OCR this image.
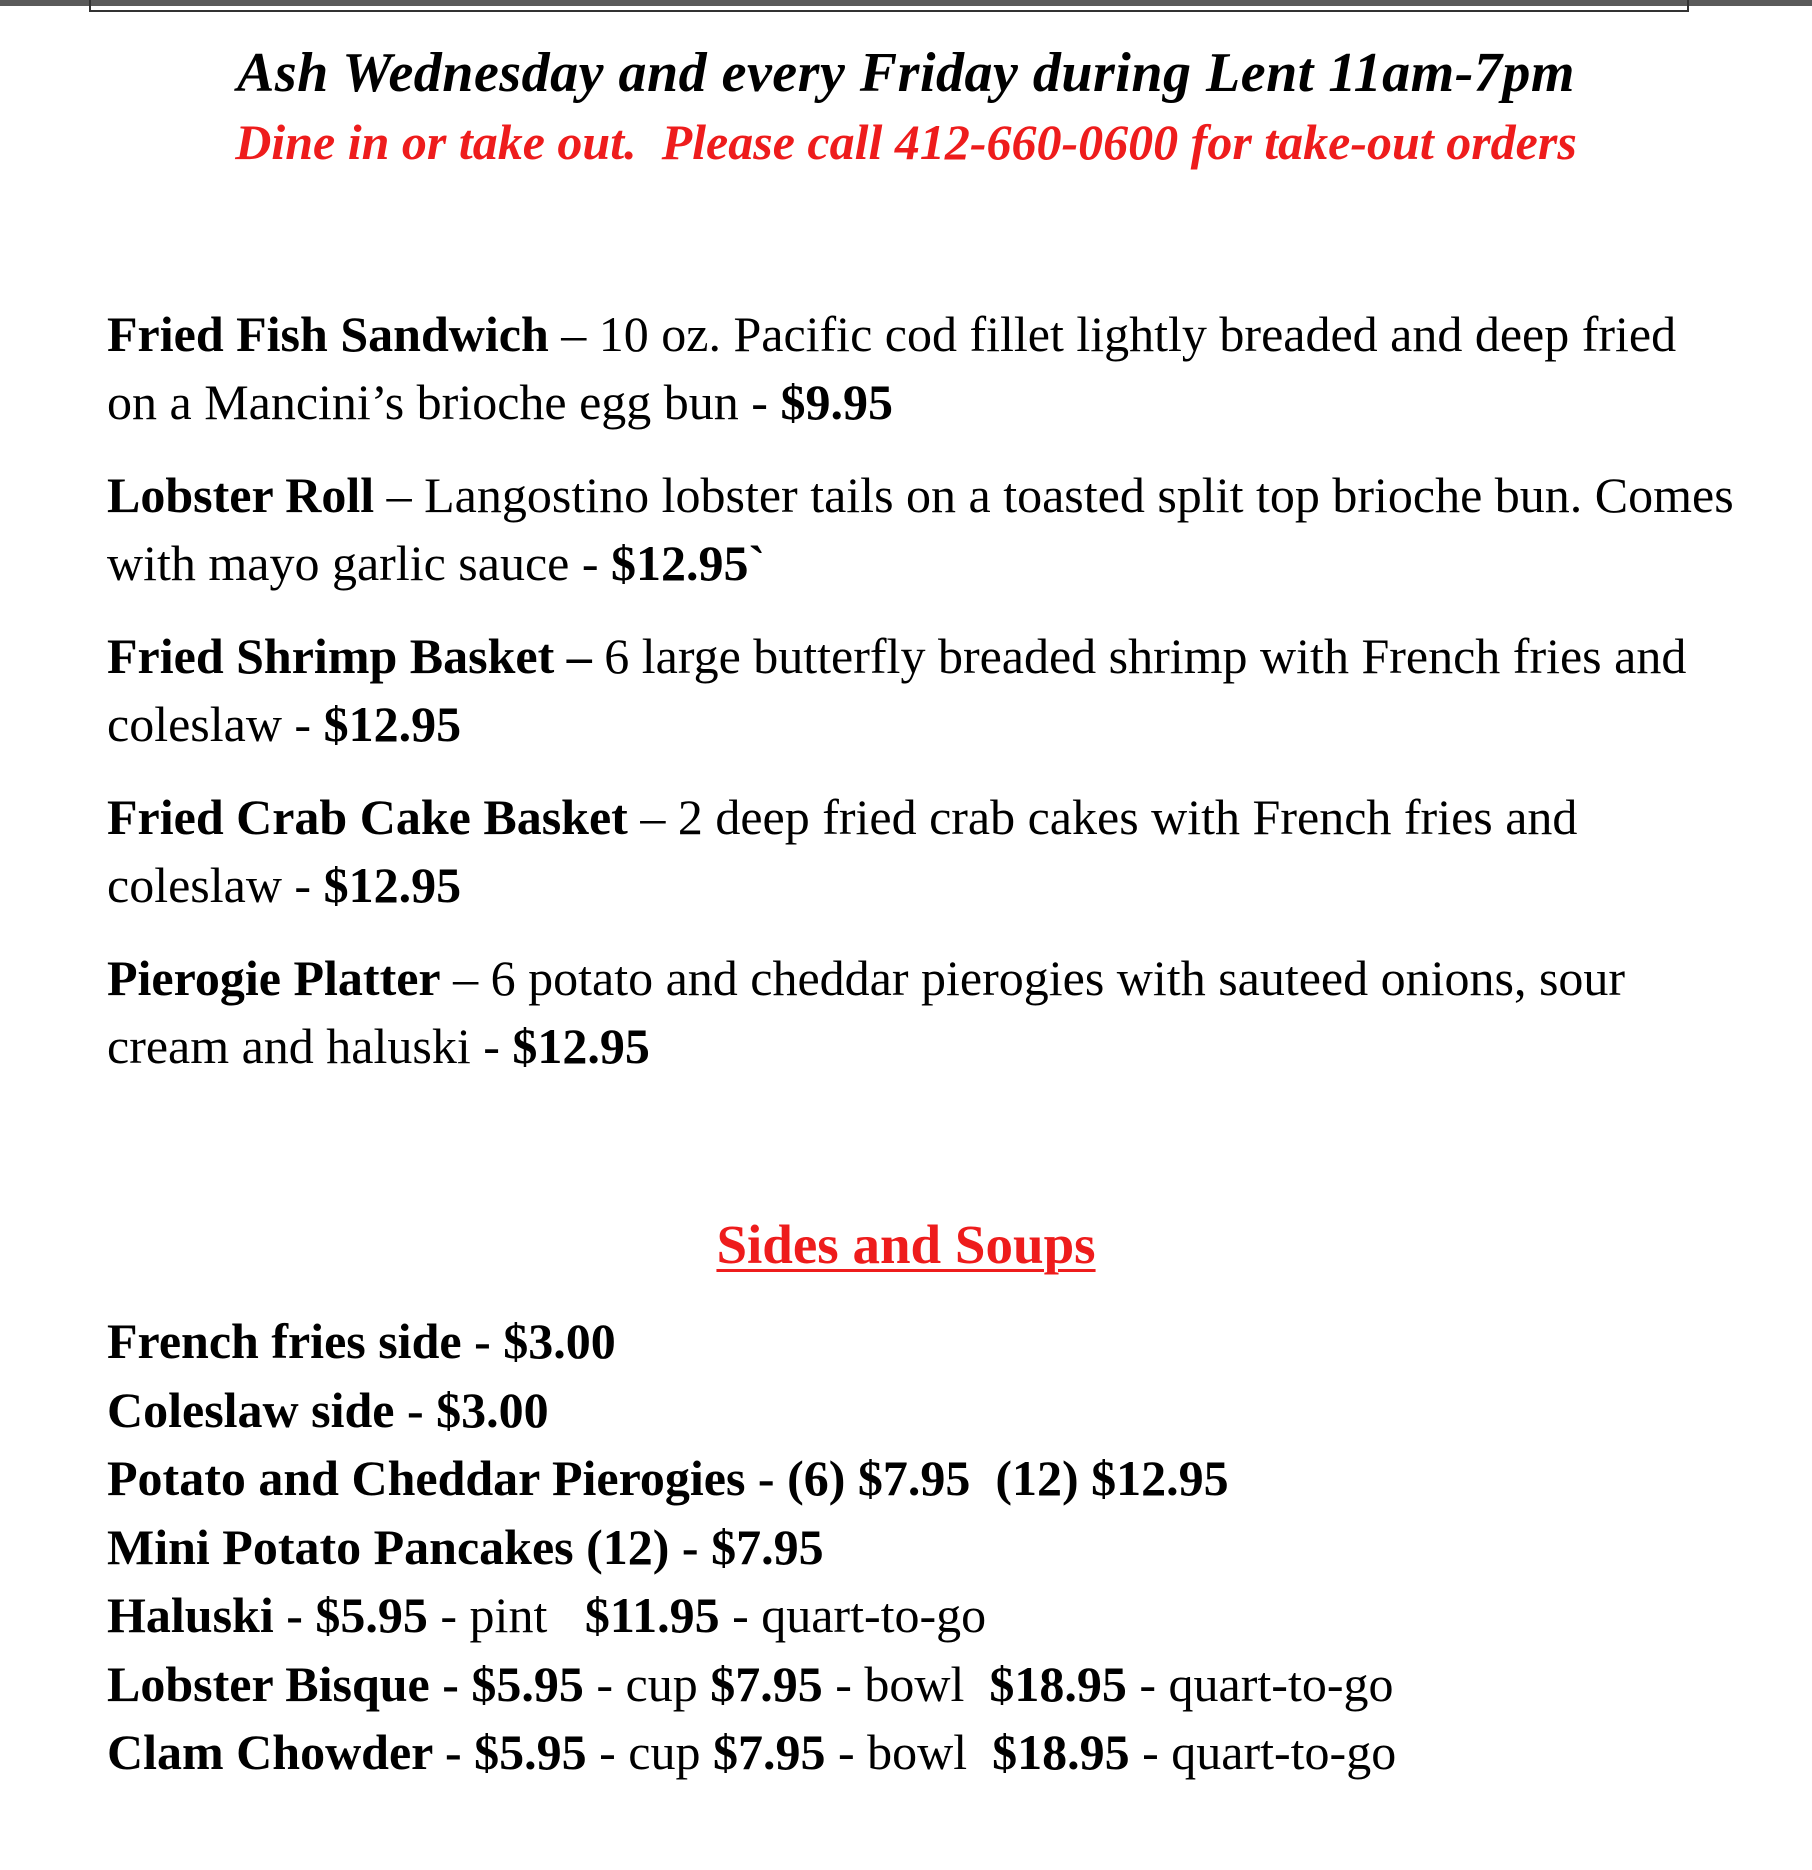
Ash Wednesday and every Friday during Lent 11am-7pm
Dine in or take out.  Please call 412-660-0600 for take-out orders

Fried Fish Sandwich – 10 oz. Pacific cod fillet lightly breaded and deep fried on a Mancini’s brioche egg bun - $9.95

Lobster Roll – Langostino lobster tails on a toasted split top brioche bun. Comes with mayo garlic sauce - $12.95`

Fried Shrimp Basket – 6 large butterfly breaded shrimp with French fries and coleslaw - $12.95

Fried Crab Cake Basket – 2 deep fried crab cakes with French fries and coleslaw - $12.95

Pierogie Platter – 6 potato and cheddar pierogies with sauteed onions, sour cream and haluski - $12.95

Sides and Soups
French fries side - $3.00
Coleslaw side - $3.00
Potato and Cheddar Pierogies - (6) $7.95  (12) $12.95
Mini Potato Pancakes (12) - $7.95
Haluski - $5.95 - pint   $11.95 - quart-to-go
Lobster Bisque - $5.95 - cup $7.95 - bowl  $18.95 - quart-to-go
Clam Chowder - $5.95 - cup $7.95 - bowl  $18.95 - quart-to-go
